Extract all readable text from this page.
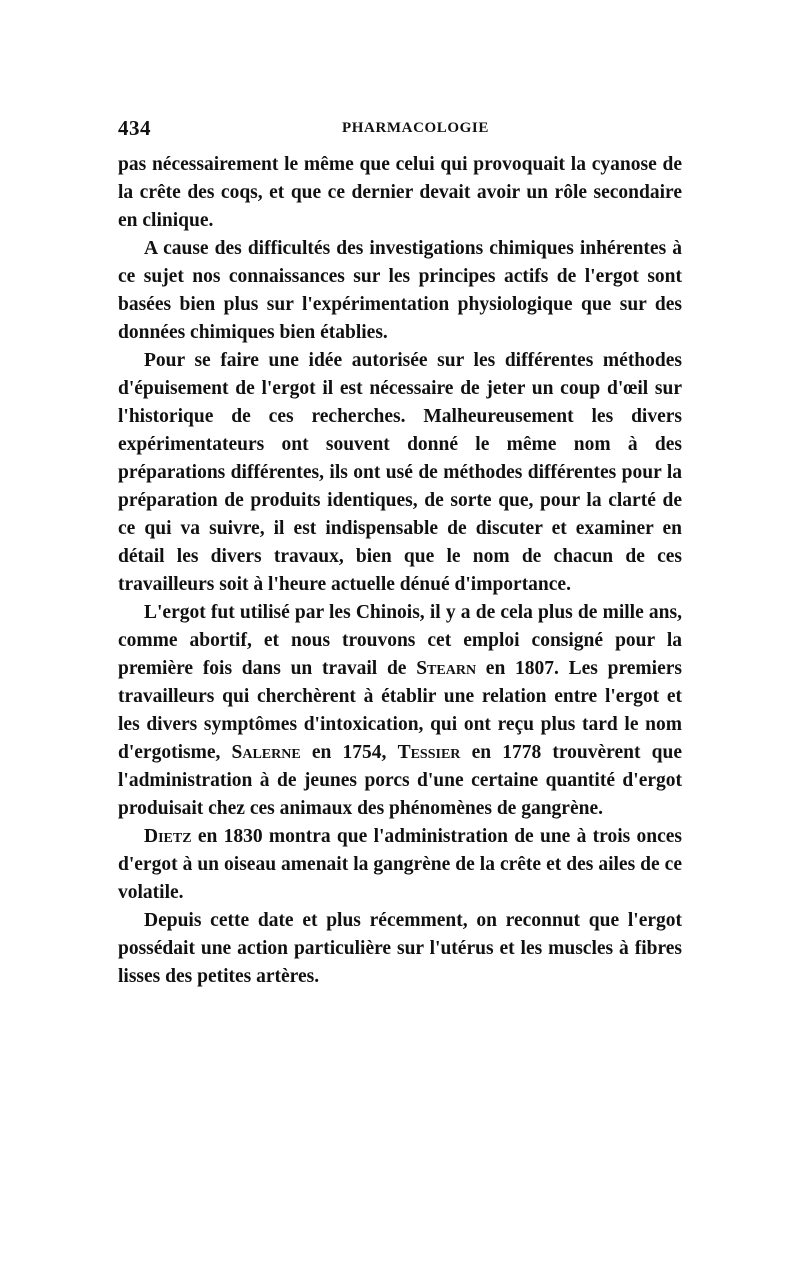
434	PHARMACOLOGIE

pas nécessairement le même que celui qui provoquait la cyanose de la crête des coqs, et que ce dernier devait avoir un rôle secondaire en clinique.

A cause des difficultés des investigations chimiques inhérentes à ce sujet nos connaissances sur les principes actifs de l'ergot sont basées bien plus sur l'expérimentation physiologique que sur des données chimiques bien établies.

Pour se faire une idée autorisée sur les différentes méthodes d'épuisement de l'ergot il est nécessaire de jeter un coup d'œil sur l'historique de ces recherches. Malheureusement les divers expérimentateurs ont souvent donné le même nom à des préparations différentes, ils ont usé de méthodes différentes pour la préparation de produits identiques, de sorte que, pour la clarté de ce qui va suivre, il est indispensable de discuter et examiner en détail les divers travaux, bien que le nom de chacun de ces travailleurs soit à l'heure actuelle dénué d'importance.

L'ergot fut utilisé par les Chinois, il y a de cela plus de mille ans, comme abortif, et nous trouvons cet emploi consigné pour la première fois dans un travail de Stearn en 1807. Les premiers travailleurs qui cherchèrent à établir une relation entre l'ergot et les divers symptômes d'intoxication, qui ont reçu plus tard le nom d'ergotisme, Salerne en 1754, Tessier en 1778 trouvèrent que l'administration à de jeunes porcs d'une certaine quantité d'ergot produisait chez ces animaux des phénomènes de gangrène.

Dietz en 1830 montra que l'administration de une à trois onces d'ergot à un oiseau amenait la gangrène de la crête et des ailes de ce volatile.

Depuis cette date et plus récemment, on reconnut que l'ergot possédait une action particulière sur l'utérus et les muscles à fibres lisses des petites artères.
